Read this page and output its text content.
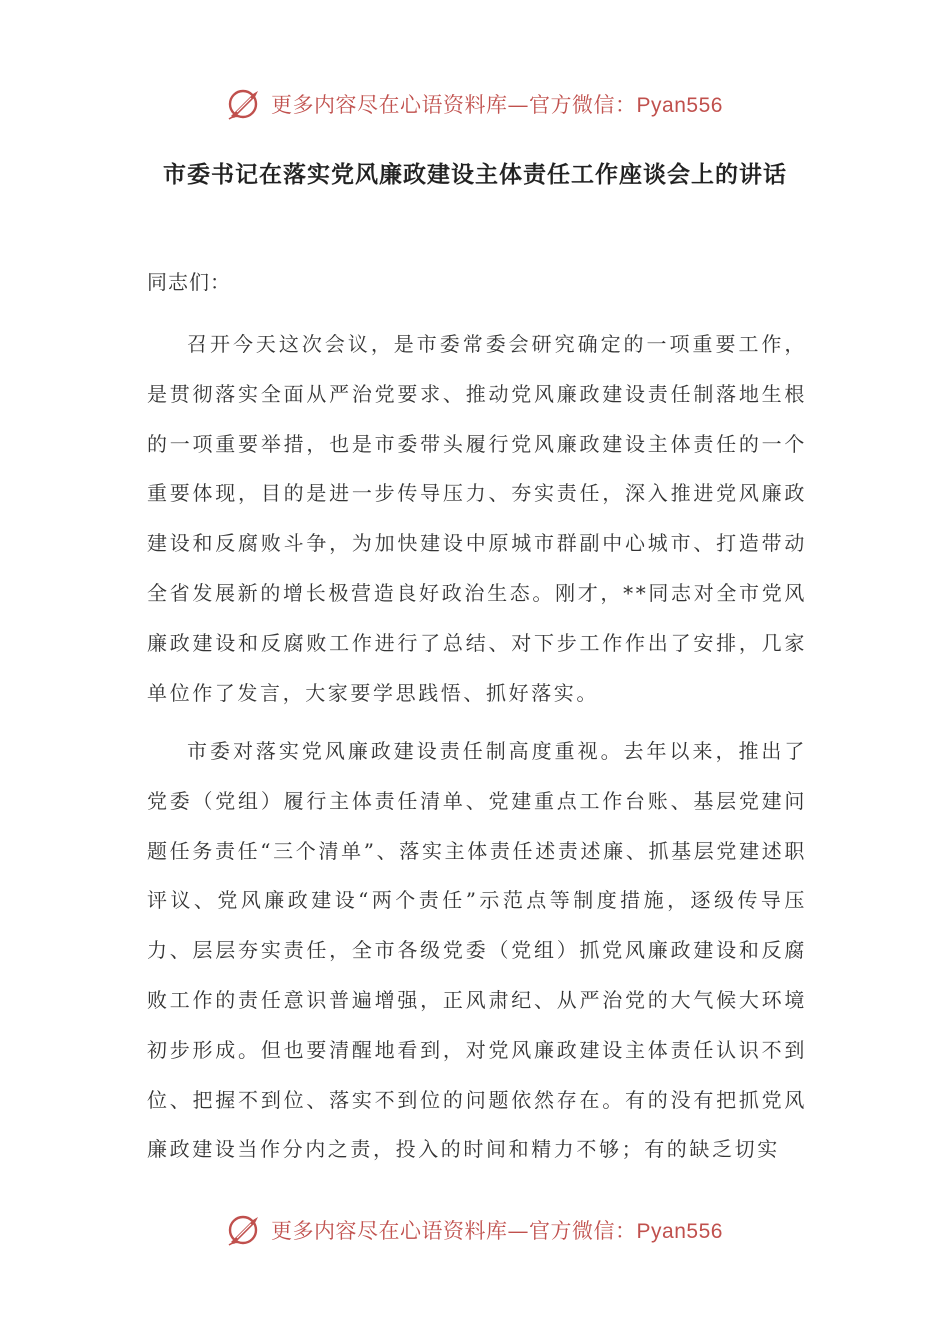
更多内容尽在心语资料库—官方微信：Pyan556
市委书记在落实党风廉政建设主体责任工作座谈会上的讲话
同志们：

召开今天这次会议，是市委常委会研究确定的一项重要工作，是贯彻落实全面从严治党要求、推动党风廉政建设责任制落地生根的一项重要举措，也是市委带头履行党风廉政建设主体责任的一个重要体现，目的是进一步传导压力、夯实责任，深入推进党风廉政建设和反腐败斗争，为加快建设中原城市群副中心城市、打造带动全省发展新的增长极营造良好政治生态。刚才，**同志对全市党风廉政建设和反腐败工作进行了总结、对下步工作作出了安排，几家单位作了发言，大家要学思践悟、抓好落实。

市委对落实党风廉政建设责任制高度重视。去年以来，推出了党委（党组）履行主体责任清单、党建重点工作台账、基层党建问题任务责任“三个清单”、落实主体责任述责述廉、抓基层党建述职评议、党风廉政建设“两个责任”示范点等制度措施，逐级传导压力、层层夯实责任，全市各级党委（党组）抓党风廉政建设和反腐败工作的责任意识普遍增强，正风肃纪、从严治党的大气候大环境初步形成。但也要清醒地看到，对党风廉政建设主体责任认识不到位、把握不到位、落实不到位的问题依然存在。有的没有把抓党风廉政建设当作分内之责，投入的时间和精力不够；有的缺乏切实

更多内容尽在心语资料库—官方微信：Pyan556
